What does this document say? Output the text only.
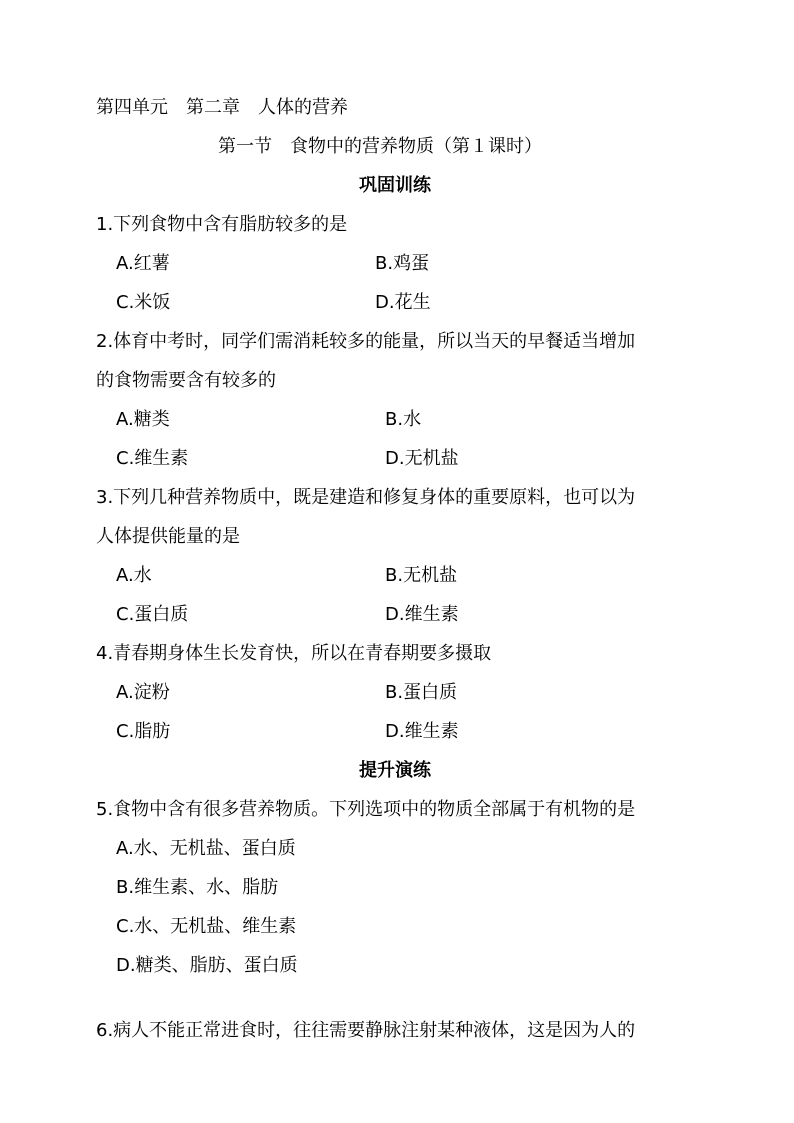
第四单元　第二章　人体的营养
第一节　食物中的营养物质（第１课时）
巩固训练
1.下列食物中含有脂肪较多的是
A.红薯	B.鸡蛋
C.米饭	D.花生
2.体育中考时，同学们需消耗较多的能量，所以当天的早餐适当增加
的食物需要含有较多的
A.糖类	B.水
C.维生素	D.无机盐
3.下列几种营养物质中，既是建造和修复身体的重要原料，也可以为
人体提供能量的是
A.水	B.无机盐
C.蛋白质	D.维生素
4.青春期身体生长发育快，所以在青春期要多摄取
A.淀粉	B.蛋白质
C.脂肪	D.维生素
提升演练
5.食物中含有很多营养物质。下列选项中的物质全部属于有机物的是
A.水、无机盐、蛋白质
B.维生素、水、脂肪
C.水、无机盐、维生素
D.糖类、脂肪、蛋白质
6.病人不能正常进食时，往往需要静脉注射某种液体，这是因为人的
